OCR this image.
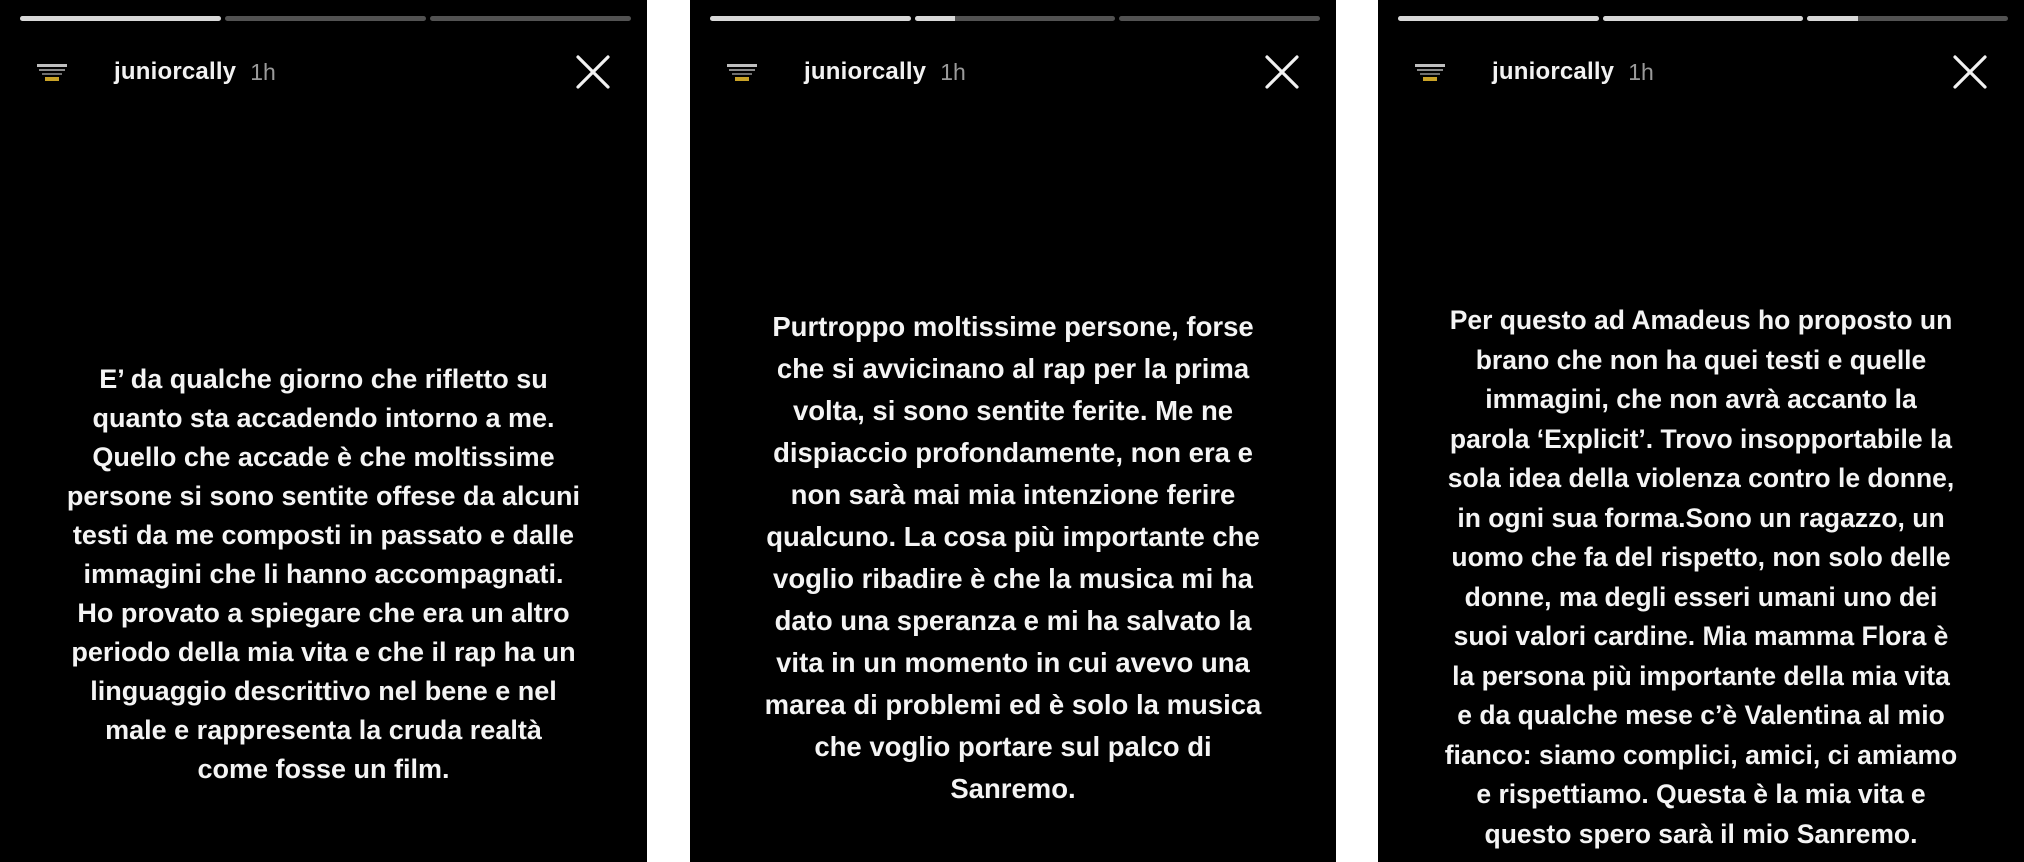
juniorcally 1h
E’ da qualche giorno che rifletto su
quanto sta accadendo intorno a me.
Quello che accade è che moltissime
persone si sono sentite offese da alcuni
testi da me composti in passato e dalle
immagini che li hanno accompagnati.
Ho provato a spiegare che era un altro
periodo della mia vita e che il rap ha un
linguaggio descrittivo nel bene e nel
male e rappresenta la cruda realtà
come fosse un film.
juniorcally 1h
Purtroppo moltissime persone, forse
che si avvicinano al rap per la prima
volta, si sono sentite ferite. Me ne
dispiaccio profondamente, non era e
non sarà mai mia intenzione ferire
qualcuno. La cosa più importante che
voglio ribadire è che la musica mi ha
dato una speranza e mi ha salvato la
vita in un momento in cui avevo una
marea di problemi ed è solo la musica
che voglio portare sul palco di
Sanremo.
juniorcally 1h
Per questo ad Amadeus ho proposto un
brano che non ha quei testi e quelle
immagini, che non avrà accanto la
parola ‘Explicit’. Trovo insopportabile la
sola idea della violenza contro le donne,
in ogni sua forma.Sono un ragazzo, un
uomo che fa del rispetto, non solo delle
donne, ma degli esseri umani uno dei
suoi valori cardine. Mia mamma Flora è
la persona più importante della mia vita
e da qualche mese c’è Valentina al mio
fianco: siamo complici, amici, ci amiamo
e rispettiamo. Questa è la mia vita e
questo spero sarà il mio Sanremo.
